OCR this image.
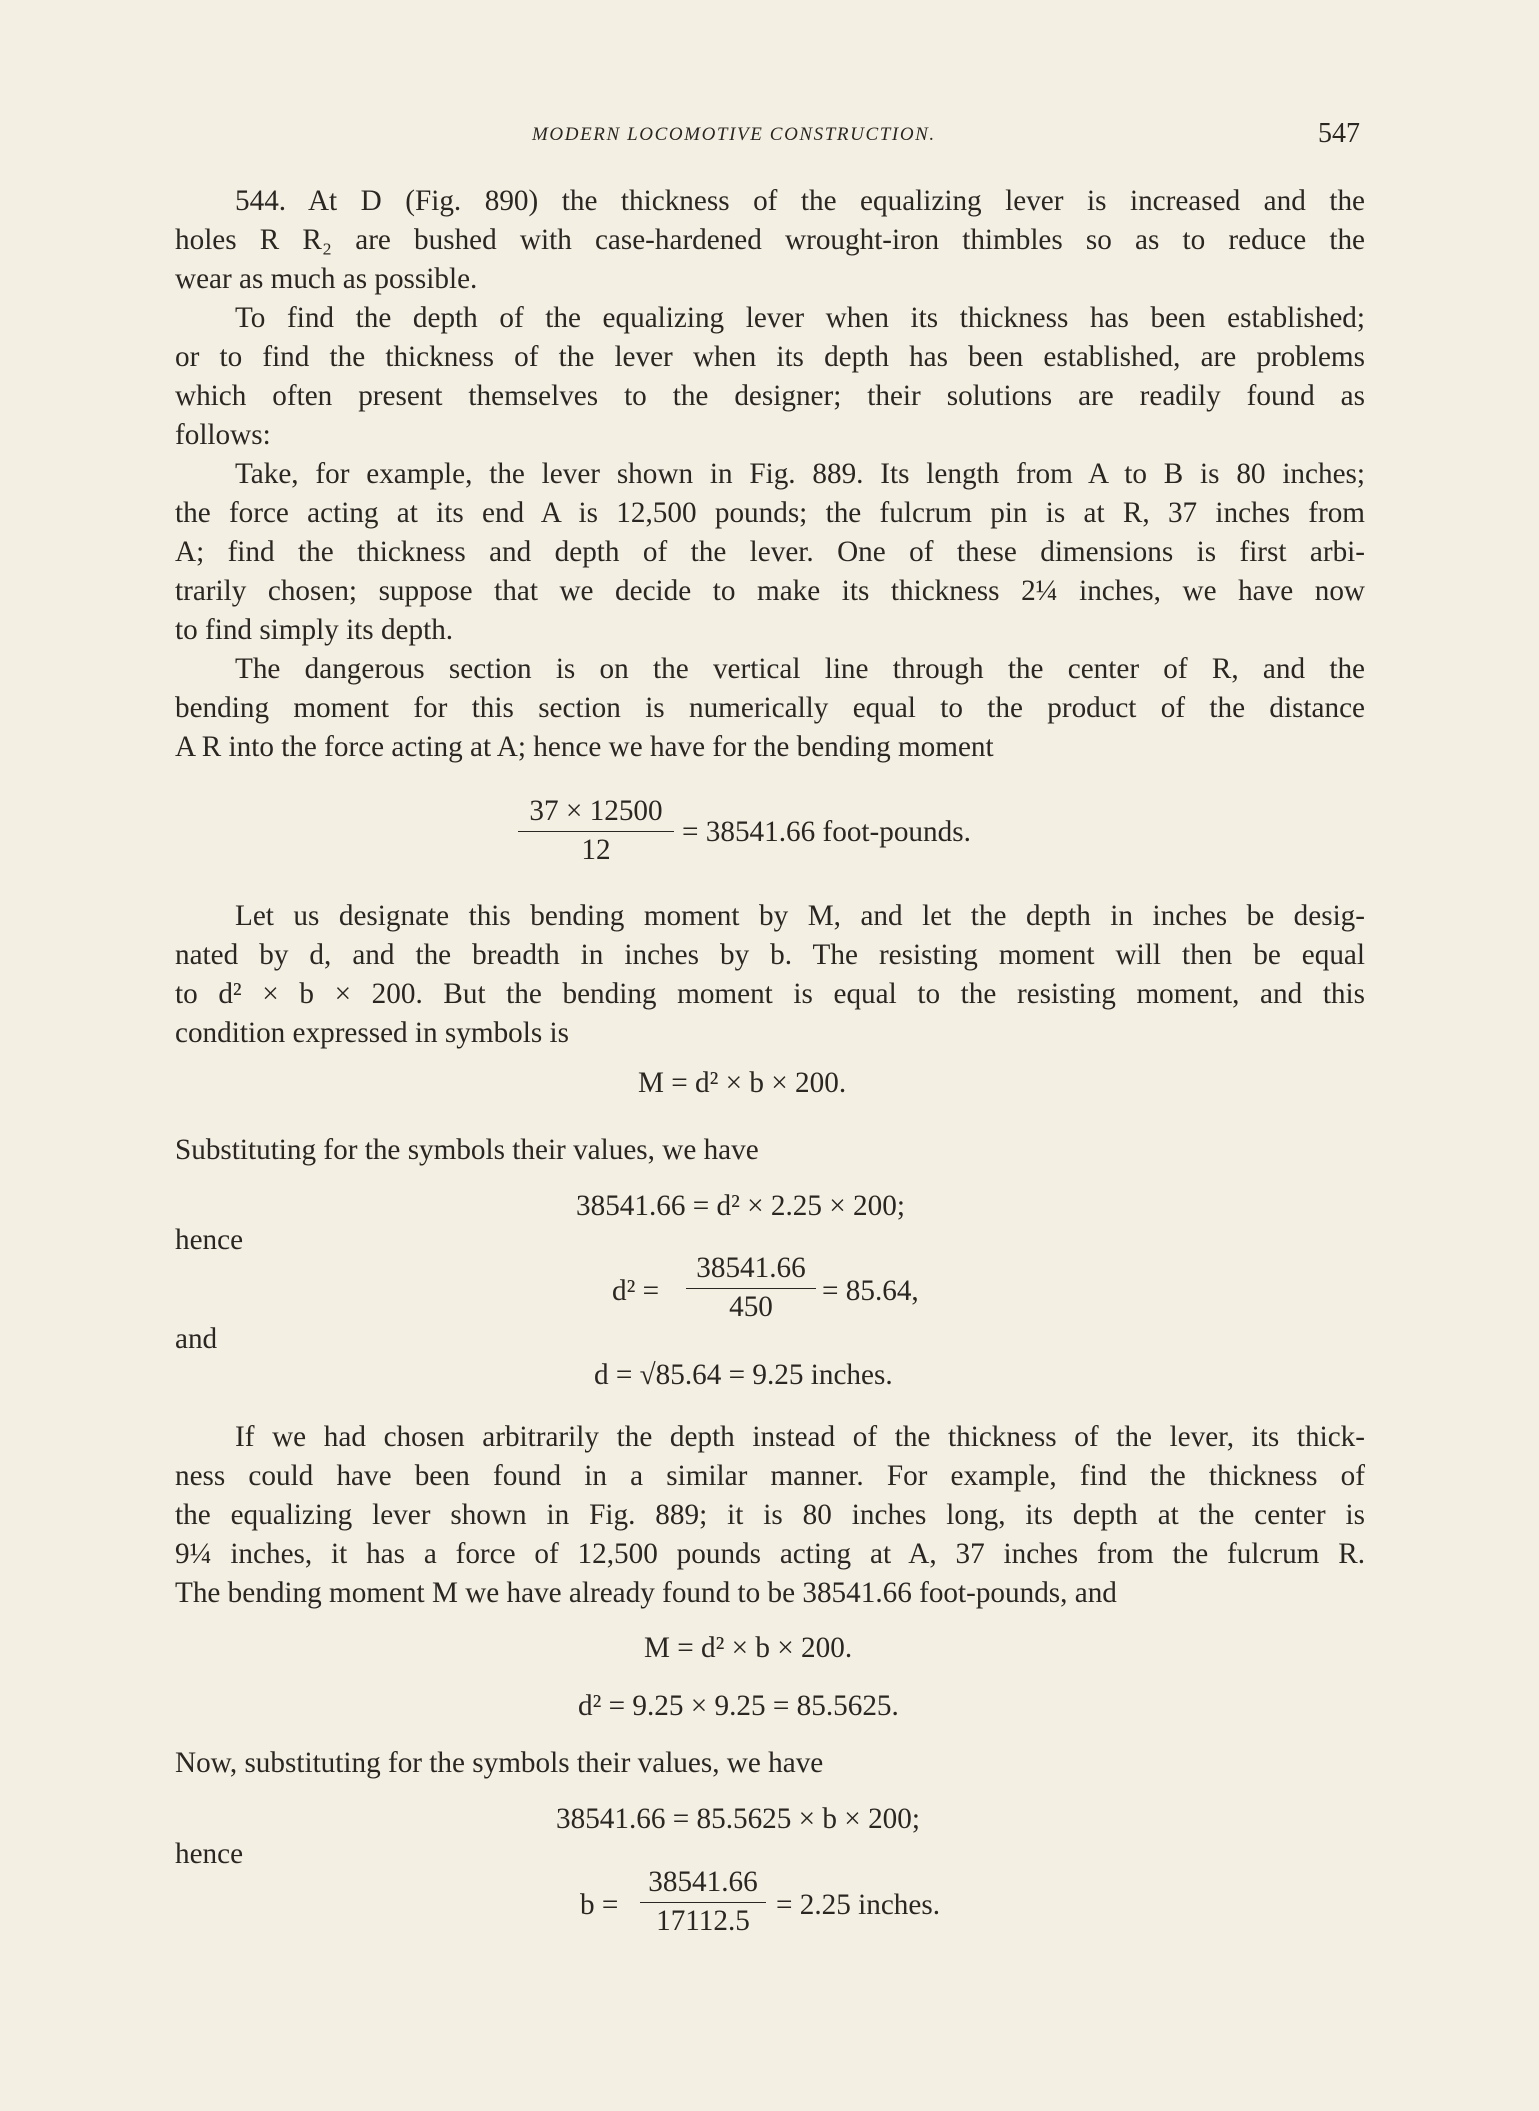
MODERN LOCOMOTIVE CONSTRUCTION.	547
544. At D (Fig. 890) the thickness of the equalizing lever is increased and the
holes R R₂ are bushed with case-hardened wrought-iron thimbles so as to reduce the
wear as much as possible.
To find the depth of the equalizing lever when its thickness has been established;
or to find the thickness of the lever when its depth has been established, are problems
which often present themselves to the designer; their solutions are readily found as
follows:
Take, for example, the lever shown in Fig. 889. Its length from A to B is 80 inches;
the force acting at its end A is 12,500 pounds; the fulcrum pin is at R, 37 inches from
A; find the thickness and depth of the lever. One of these dimensions is first arbi-
trarily chosen; suppose that we decide to make its thickness 2¼ inches, we have now
to find simply its depth.
The dangerous section is on the vertical line through the center of R, and the
bending moment for this section is numerically equal to the product of the distance
A R into the force acting at A; hence we have for the bending moment
37 × 12500
12
= 38541.66 foot-pounds.
Let us designate this bending moment by M, and let the depth in inches be desig-
nated by d, and the breadth in inches by b. The resisting moment will then be equal
to d² × b × 200. But the bending moment is equal to the resisting moment, and this
condition expressed in symbols is
M = d² × b × 200.
Substituting for the symbols their values, we have
38541.66 = d² × 2.25 × 200;
hence
d² =
38541.66
450	= 85.64,
and
d = √85.64 = 9.25 inches.
If we had chosen arbitrarily the depth instead of the thickness of the lever, its thick-
ness could have been found in a similar manner. For example, find the thickness of
the equalizing lever shown in Fig. 889; it is 80 inches long, its depth at the center is
9¼ inches, it has a force of 12,500 pounds acting at A, 37 inches from the fulcrum R.
The bending moment M we have already found to be 38541.66 foot-pounds, and
M = d² × b × 200.
d² = 9.25 × 9.25 = 85.5625.
Now, substituting for the symbols their values, we have
38541.66 = 85.5625 × b × 200;
hence
b =
38541.66
17112.5 = 2.25 inches.
